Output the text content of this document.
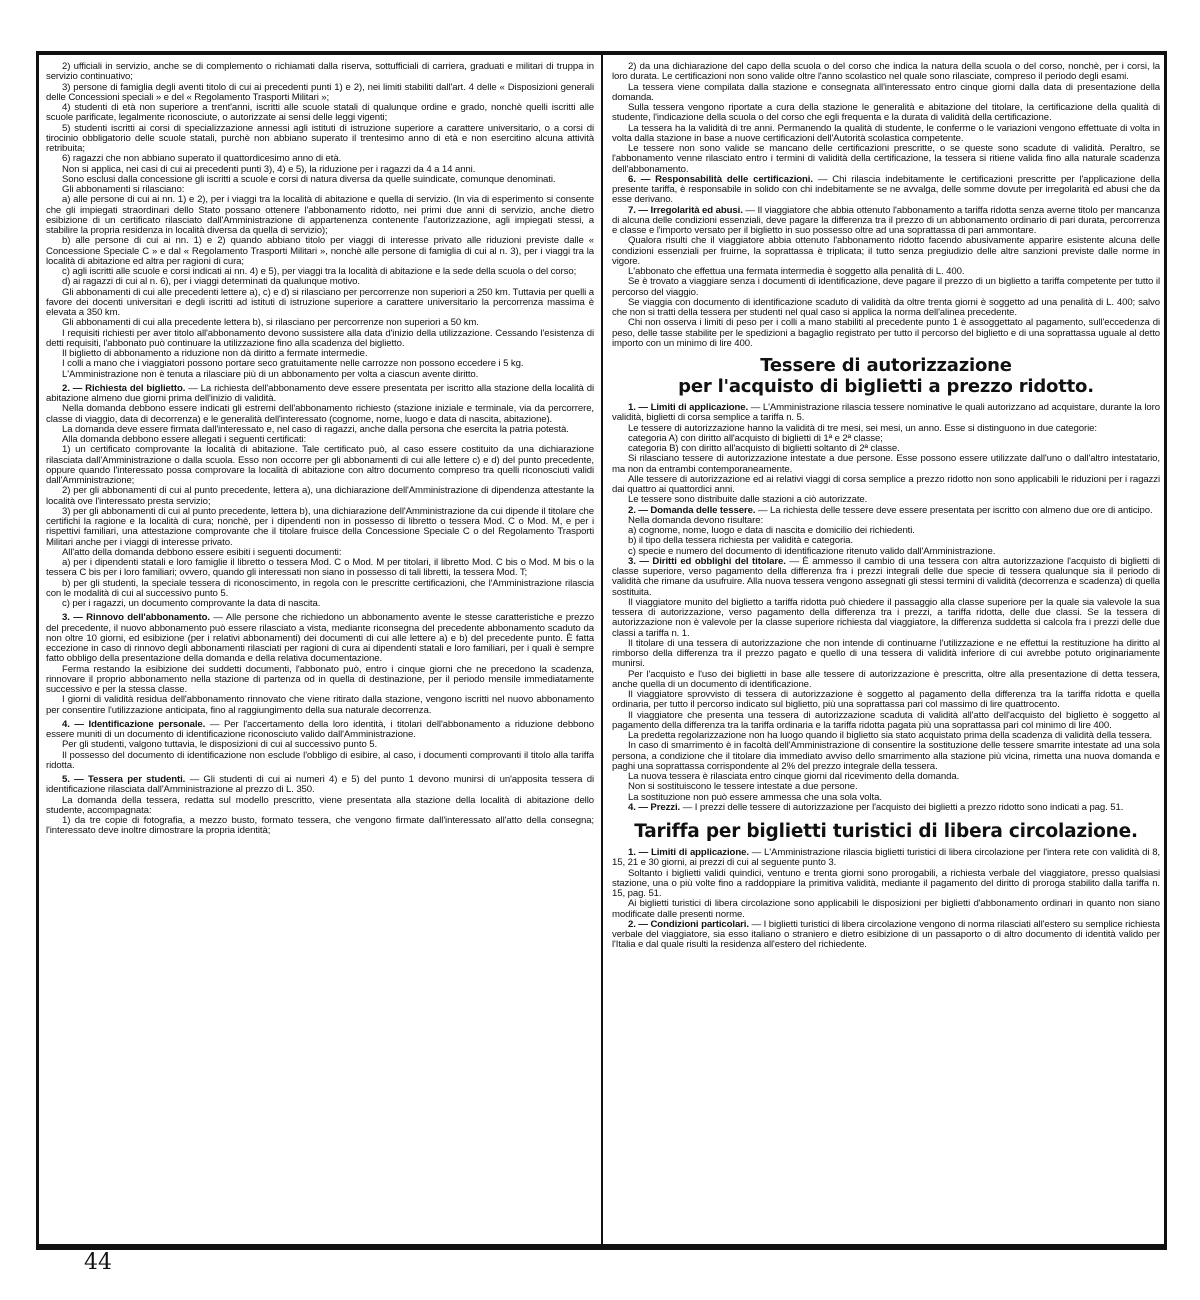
2) ufficiali in servizio, anche se di complemento o richiamati dalla riserva, sottufficiali di carriera, graduati e militari di truppa in servizio continuativo;

3) persone di famiglia degli aventi titolo di cui ai precedenti punti 1) e 2), nei limiti stabiliti dall'art. 4 delle « Disposizioni generali delle Concessioni speciali » e del « Regolamento Trasporti Militari »;

4) studenti di età non superiore a trent'anni, iscritti alle scuole statali di qualunque ordine e grado, nonchè quelli iscritti alle scuole parificate, legalmente riconosciute, o autorizzate ai sensi delle leggi vigenti;

5) studenti iscritti ai corsi di specializzazione annessi agli istituti di istruzione superiore a carattere universitario, o a corsi di tirocinio obbligatorio delle scuole statali, purchè non abbiano superato il trentesimo anno di età e non esercitino alcuna attività retribuita;

6) ragazzi che non abbiano superato il quattordicesimo anno di età.

Non si applica, nei casi di cui ai precedenti punti 3), 4) e 5), la riduzione per i ragazzi da 4 a 14 anni.

Sono esclusi dalla concessione gli iscritti a scuole e corsi di natura diversa da quelle suindicate, comunque denominati.

Gli abbonamenti si rilasciano:

a) alle persone di cui ai nn. 1) e 2), per i viaggi tra la località di abitazione e quella di servizio. (In via di esperimento si consente che gli impiegati straordinari dello Stato possano ottenere l'abbonamento ridotto, nei primi due anni di servizio, anche dietro esibizione di un certificato rilasciato dall'Amministrazione di appartenenza contenente l'autorizzazione, agli impiegati stessi, a stabilire la propria residenza in località diversa da quella di servizio);

b) alle persone di cui ai nn. 1) e 2) quando abbiano titolo per viaggi di interesse privato alle riduzioni previste dalle « Concessione Speciale C » e dal « Regolamento Trasporti Militari », nonchè alle persone di famiglia di cui al n. 3), per i viaggi tra la località di abitazione ed altra per ragioni di cura;

c) agli iscritti alle scuole e corsi indicati ai nn. 4) e 5), per viaggi tra la località di abitazione e la sede della scuola o del corso;

d) ai ragazzi di cui al n. 6), per i viaggi determinati da qualunque motivo.

Gli abbonamenti di cui alle precedenti lettere a), c) e d) si rilasciano per percorrenze non superiori a 250 km. Tuttavia per quelli a favore dei docenti universitari e degli iscritti ad istituti di istruzione superiore a carattere universitario la percorrenza massima è elevata a 350 km.

Gli abbonamenti di cui alla precedente lettera b), si rilasciano per percorrenze non superiori a 50 km.

I requisiti richiesti per aver titolo all'abbonamento devono sussistere alla data d'inizio della utilizzazione. Cessando l'esistenza di detti requisiti, l'abbonato può continuare la utilizzazione fino alla scadenza del biglietto.

Il biglietto di abbonamento a riduzione non dà diritto a fermate intermedie.

I colli a mano che i viaggiatori possono portare seco gratuitamente nelle carrozze non possono eccedere i 5 kg.

L'Amministrazione non è tenuta a rilasciare più di un abbonamento per volta a ciascun avente diritto.

2. — Richiesta del biglietto. — La richiesta dell'abbonamento deve essere presentata per iscritto alla stazione della località di abitazione almeno due giorni prima dell'inizio di validità.

Nella domanda debbono essere indicati gli estremi dell'abbonamento richiesto (stazione iniziale e terminale, via da percorrere, classe di viaggio, data di decorrenza) e le generalità dell'interessato (cognome, nome, luogo e data di nascita, abitazione).

La domanda deve essere firmata dall'interessato e, nel caso di ragazzi, anche dalla persona che esercita la patria potestà.

Alla domanda debbono essere allegati i seguenti certificati:

1) un certificato comprovante la località di abitazione. Tale certificato può, al caso essere costituito da una dichiarazione rilasciata dall'Amministrazione o dalla scuola. Esso non occorre per gli abbonamenti di cui alle lettere c) e d) del punto precedente, oppure quando l'interessato possa comprovare la località di abitazione con altro documento compreso tra quelli riconosciuti validi dall'Amministrazione;

2) per gli abbonamenti di cui al punto precedente, lettera a), una dichiarazione dell'Amministrazione di dipendenza attestante la località ove l'interessato presta servizio;

3) per gli abbonamenti di cui al punto precedente, lettera b), una dichiarazione dell'Amministrazione da cui dipende il titolare che certifichi la ragione e la località di cura; nonchè, per i dipendenti non in possesso di libretto o tessera Mod. C o Mod. M, e per i rispettivi familiari, una attestazione comprovante che il titolare fruisce della Concessione Speciale C o del Regolamento Trasporti Militari anche per i viaggi di interesse privato.

All'atto della domanda debbono essere esibiti i seguenti documenti:

a) per i dipendenti statali e loro famiglie il libretto o tessera Mod. C o Mod. M per titolari, il libretto Mod. C bis o Mod. M bis o la tessera C bis per i loro familiari; ovvero, quando gli interessati non siano in possesso di tali libretti, la tessera Mod. T;

b) per gli studenti, la speciale tessera di riconoscimento, in regola con le prescritte certificazioni, che l'Amministrazione rilascia con le modalità di cui al successivo punto 5.

c) per i ragazzi, un documento comprovante la data di nascita.

3. — Rinnovo dell'abbonamento. — Alle persone che richiedono un abbonamento avente le stesse caratteristiche e prezzo del precedente, il nuovo abbonamento può essere rilasciato a vista, mediante riconsegna del precedente abbonamento scaduto da non oltre 10 giorni, ed esibizione (per i relativi abbonamenti) dei documenti di cui alle lettere a) e b) del precedente punto. È fatta eccezione in caso di rinnovo degli abbonamenti rilasciati per ragioni di cura ai dipendenti statali e loro familiari, per i quali è sempre fatto obbligo della presentazione della domanda e della relativa documentazione.

Ferma restando la esibizione dei suddetti documenti, l'abbonato può, entro i cinque giorni che ne precedono la scadenza, rinnovare il proprio abbonamento nella stazione di partenza od in quella di destinazione, per il periodo mensile immediatamente successivo e per la stessa classe.

I giorni di validità residua dell'abbonamento rinnovato che viene ritirato dalla stazione, vengono iscritti nel nuovo abbonamento per consentire l'utilizzazione anticipata, fino al raggiungimento della sua naturale decorrenza.

4. — Identificazione personale. — Per l'accertamento della loro identità, i titolari dell'abbonamento a riduzione debbono essere muniti di un documento di identificazione riconosciuto valido dall'Amministrazione.

Per gli studenti, valgono tuttavia, le disposizioni di cui al successivo punto 5.

Il possesso del documento di identificazione non esclude l'obbligo di esibire, al caso, i documenti comprovanti il titolo alla tariffa ridotta.

5. — Tessera per studenti. — Gli studenti di cui ai numeri 4) e 5) del punto 1 devono munirsi di un'apposita tessera di identificazione rilasciata dall'Amministrazione al prezzo di L. 350.

La domanda della tessera, redatta sul modello prescritto, viene presentata alla stazione della località di abitazione dello studente, accompagnata:

1) da tre copie di fotografia, a mezzo busto, formato tessera, che vengono firmate dall'interessato all'atto della consegna; l'interessato deve inoltre dimostrare la propria identità;

2) da una dichiarazione del capo della scuola o del corso che indica la natura della scuola o del corso, nonchè, per i corsi, la loro durata. Le certificazioni non sono valide oltre l'anno scolastico nel quale sono rilasciate, compreso il periodo degli esami.

La tessera viene compilata dalla stazione e consegnata all'interessato entro cinque giorni dalla data di presentazione della domanda.

Sulla tessera vengono riportate a cura della stazione le generalità e abitazione del titolare, la certificazione della qualità di studente, l'indicazione della scuola o del corso che egli frequenta e la durata di validità della certificazione.

La tessera ha la validità di tre anni. Permanendo la qualità di studente, le conferme o le variazioni vengono effettuate di volta in volta dalla stazione in base a nuove certificazioni dell'Autorità scolastica competente.

Le tessere non sono valide se mancano delle certificazioni prescritte, o se queste sono scadute di validità. Peraltro, se l'abbonamento venne rilasciato entro i termini di validità della certificazione, la tessera si ritiene valida fino alla naturale scadenza dell'abbonamento.

6. — Responsabilità delle certificazioni. — Chi rilascia indebitamente le certificazioni prescritte per l'applicazione della presente tariffa, è responsabile in solido con chi indebitamente se ne avvalga, delle somme dovute per irregolarità ed abusi che da esse derivano.

7. — Irregolarità ed abusi. — Il viaggiatore che abbia ottenuto l'abbonamento a tariffa ridotta senza averne titolo per mancanza di alcuna delle condizioni essenziali, deve pagare la differenza tra il prezzo di un abbonamento ordinario di pari durata, percorrenza e classe e l'importo versato per il biglietto in suo possesso oltre ad una soprattassa di pari ammontare.

Qualora risulti che il viaggiatore abbia ottenuto l'abbonamento ridotto facendo abusivamente apparire esistente alcuna delle condizioni essenziali per fruirne, la soprattassa è triplicata; il tutto senza pregiudizio delle altre sanzioni previste dalle norme in vigore.

L'abbonato che effettua una fermata intermedia è soggetto alla penalità di L. 400.

Se è trovato a viaggiare senza i documenti di identificazione, deve pagare il prezzo di un biglietto a tariffa competente per tutto il percorso del viaggio.

Se viaggia con documento di identificazione scaduto di validità da oltre trenta giorni è soggetto ad una penalità di L. 400; salvo che non si tratti della tessera per studenti nel qual caso si applica la norma dell'alinea precedente.

Chi non osserva i limiti di peso per i colli a mano stabiliti al precedente punto 1 è assoggettato al pagamento, sull'eccedenza di peso, delle tasse stabilite per le spedizioni a bagaglio registrato per tutto il percorso del biglietto e di una soprattassa uguale al detto importo con un minimo di lire 400.

Tessere di autorizzazione
per l'acquisto di biglietti a prezzo ridotto.

1. — Limiti di applicazione. — L'Amministrazione rilascia tessere nominative le quali autorizzano ad acquistare, durante la loro validità, biglietti di corsa semplice a tariffa n. 5.

Le tessere di autorizzazione hanno la validità di tre mesi, sei mesi, un anno. Esse si distinguono in due categorie:

categoria A) con diritto all'acquisto di biglietti di 1ª e 2ª classe;

categoria B) con diritto all'acquisto di biglietti soltanto di 2ª classe.

Si rilasciano tessere di autorizzazione intestate a due persone. Esse possono essere utilizzate dall'uno o dall'altro intestatario, ma non da entrambi contemporaneamente.

Alle tessere di autorizzazione ed ai relativi viaggi di corsa semplice a prezzo ridotto non sono applicabili le riduzioni per i ragazzi dai quattro ai quattordici anni.

Le tessere sono distribuite dalle stazioni a ciò autorizzate.

2. — Domanda delle tessere. — La richiesta delle tessere deve essere presentata per iscritto con almeno due ore di anticipo.

Nella domanda devono risultare:

a) cognome, nome, luogo e data di nascita e domicilio dei richiedenti.

b) il tipo della tessera richiesta per validità e categoria.

c) specie e numero del documento di identificazione ritenuto valido dall'Amministrazione.

3. — Diritti ed obblighi del titolare. — È ammesso il cambio di una tessera con altra autorizzazione l'acquisto di biglietti di classe superiore, verso pagamento della differenza fra i prezzi integrali delle due specie di tessera qualunque sia il periodo di validità che rimane da usufruire. Alla nuova tessera vengono assegnati gli stessi termini di validità (decorrenza e scadenza) di quella sostituita.

Il viaggiatore munito del biglietto a tariffa ridotta può chiedere il passaggio alla classe superiore per la quale sia valevole la sua tessera di autorizzazione, verso pagamento della differenza tra i prezzi, a tariffa ridotta, delle due classi. Se la tessera di autorizzazione non è valevole per la classe superiore richiesta dal viaggiatore, la differenza suddetta si calcola fra i prezzi delle due classi a tariffa n. 1.

Il titolare di una tessera di autorizzazione che non intende di continuarne l'utilizzazione e ne effettui la restituzione ha diritto al rimborso della differenza tra il prezzo pagato e quello di una tessera di validità inferiore di cui avrebbe potuto originariamente munirsi.

Per l'acquisto e l'uso dei biglietti in base alle tessere di autorizzazione è prescritta, oltre alla presentazione di detta tessera, anche quella di un documento di identificazione.

Il viaggiatore sprovvisto di tessera di autorizzazione è soggetto al pagamento della differenza tra la tariffa ridotta e quella ordinaria, per tutto il percorso indicato sul biglietto, più una soprattassa pari col massimo di lire quattrocento.

Il viaggiatore che presenta una tessera di autorizzazione scaduta di validità all'atto dell'acquisto del biglietto è soggetto al pagamento della differenza tra la tariffa ordinaria e la tariffa ridotta pagata più una soprattassa pari col minimo di lire 400.

La predetta regolarizzazione non ha luogo quando il biglietto sia stato acquistato prima della scadenza di validità della tessera.

In caso di smarrimento è in facoltà dell'Amministrazione di consentire la sostituzione delle tessere smarrite intestate ad una sola persona, a condizione che il titolare dia immediato avviso dello smarrimento alla stazione più vicina, rimetta una nuova domanda e paghi una soprattassa corrispondente al 2% del prezzo integrale della tessera.

La nuova tessera è rilasciata entro cinque giorni dal ricevimento della domanda.

Non si sostituiscono le tessere intestate a due persone.

La sostituzione non può essere ammessa che una sola volta.

4. — Prezzi. — I prezzi delle tessere di autorizzazione per l'acquisto dei biglietti a prezzo ridotto sono indicati a pag. 51.

Tariffa per biglietti turistici di libera circolazione.

1. — Limiti di applicazione. — L'Amministrazione rilascia biglietti turistici di libera circolazione per l'intera rete con validità di 8, 15, 21 e 30 giorni, ai prezzi di cui al seguente punto 3.

Soltanto i biglietti validi quindici, ventuno e trenta giorni sono prorogabili, a richiesta verbale del viaggiatore, presso qualsiasi stazione, una o più volte fino a raddoppiare la primitiva validità, mediante il pagamento del diritto di proroga stabilito dalla tariffa n. 15, pag. 51.

Ai biglietti turistici di libera circolazione sono applicabili le disposizioni per biglietti d'abbonamento ordinari in quanto non siano modificate dalle presenti norme.

2. — Condizioni particolari. — I biglietti turistici di libera circolazione vengono di norma rilasciati all'estero su semplice richiesta verbale del viaggiatore, sia esso italiano o straniero e dietro esibizione di un passaporto o di altro documento di identità valido per l'Italia e dal quale risulti la residenza all'estero del richiedente.

44
